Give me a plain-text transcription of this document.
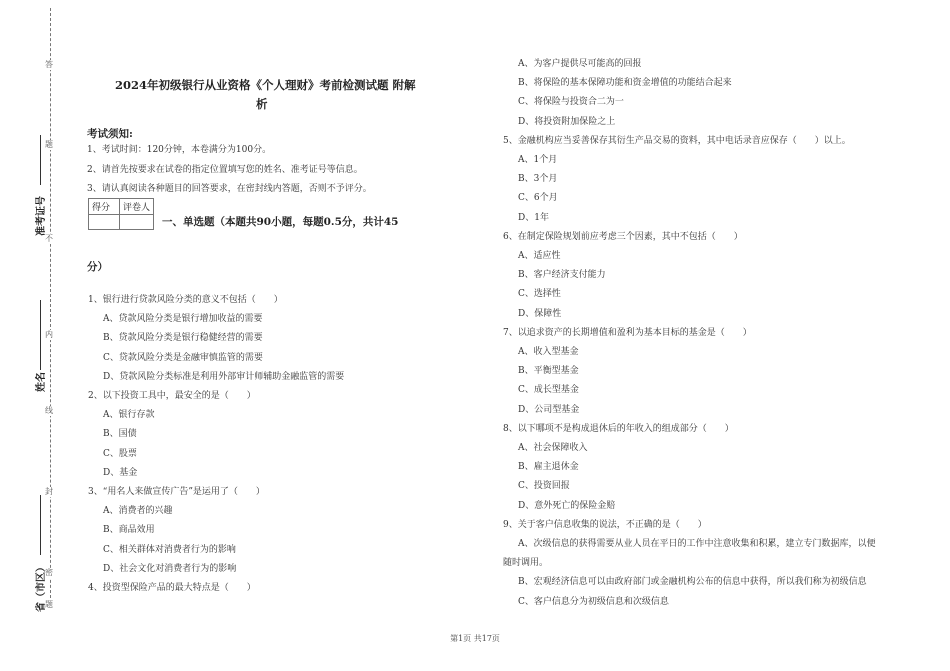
答
题
不
内
线
封
密
题
准考证号
姓名
省（市区）
2024年初级银行从业资格《个人理财》考前检测试题 附解
析
考试须知:
1、考试时间：120分钟，本卷满分为100分。
2、请首先按要求在试卷的指定位置填写您的姓名、准考证号等信息。
3、请认真阅读各种题目的回答要求，在密封线内答题，否则不予评分。
得分	评卷人

一、单选题（本题共90小题，每题0.5分，共计45
分）
1、银行进行贷款风险分类的意义不包括（　　）
A、贷款风险分类是银行增加收益的需要
B、贷款风险分类是银行稳健经营的需要
C、贷款风险分类是金融审慎监管的需要
D、贷款风险分类标准是利用外部审计师辅助金融监管的需要
2、以下投资工具中，最安全的是（　　）
A、银行存款
B、国债
C、股票
D、基金
3、“用名人来做宣传广告”是运用了（　　）
A、消费者的兴趣
B、商品效用
C、相关群体对消费者行为的影响
D、社会文化对消费者行为的影响
4、投资型保险产品的最大特点是（　　）
A、为客户提供尽可能高的回报
B、将保险的基本保障功能和资金增值的功能结合起来
C、将保险与投资合二为一
D、将投资附加保险之上
5、金融机构应当妥善保存其衍生产品交易的资料，其中电话录音应保存（　　）以上。
A、1个月
B、3个月
C、6个月
D、1年
6、在制定保险规划前应考虑三个因素，其中不包括（　　）
A、适应性
B、客户经济支付能力
C、选择性
D、保障性
7、以追求资产的长期增值和盈利为基本目标的基金是（　　）
A、收入型基金
B、平衡型基金
C、成长型基金
D、公司型基金
8、以下哪项不是构成退休后的年收入的组成部分（　　）
A、社会保障收入
B、雇主退休金
C、投资回报
D、意外死亡的保险金赔
9、关于客户信息收集的说法，不正确的是（　　）
A、次级信息的获得需要从业人员在平日的工作中注意收集和积累，建立专门数据库，以便
随时调用。
B、宏观经济信息可以由政府部门或金融机构公布的信息中获得，所以我们称为初级信息
C、客户信息分为初级信息和次级信息
第1页 共17页
